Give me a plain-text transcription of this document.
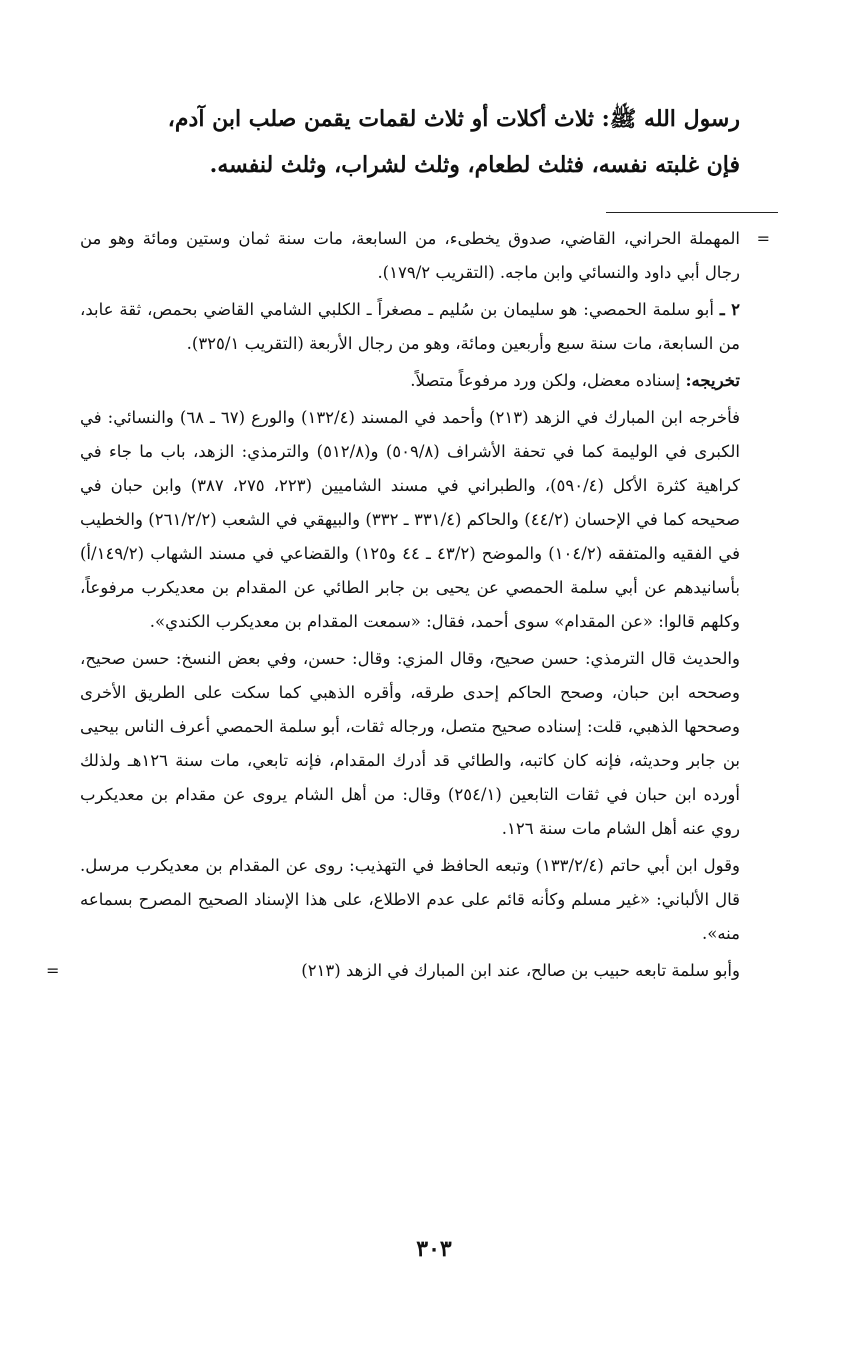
رسول الله ﷺ: ثلاث أكلات أو ثلاث لقمات يقمن صلب ابن آدم،

فإن غلبته نفسه، فثلث لطعام، وثلث لشراب، وثلث لنفسه.

=
المهملة الحراني، القاضي، صدوق يخطىء، من السابعة، مات سنة ثمان وستين ومائة وهو من رجال أبي داود والنسائي وابن ماجه. (التقريب ١٧٩/٢).

٢ ـ أبو سلمة الحمصي: هو سليمان بن سُليم ـ مصغراً ـ الكلبي الشامي القاضي بحمص، ثقة عابد، من السابعة، مات سنة سبع وأربعين ومائة، وهو من رجال الأربعة (التقريب ٣٢٥/١).

تخريجه: إسناده معضل، ولكن ورد مرفوعاً متصلاً.

فأخرجه ابن المبارك في الزهد (٢١٣) وأحمد في المسند (١٣٢/٤) والورع (٦٧ ـ ٦٨) والنسائي: في الكبرى في الوليمة كما في تحفة الأشراف (٥٠٩/٨) و(٥١٢/٨) والترمذي: الزهد، باب ما جاء في كراهية كثرة الأكل (٥٩٠/٤)، والطبراني في مسند الشاميين (٢٢٣، ٢٧٥، ٣٨٧) وابن حبان في صحيحه كما في الإحسان (٤٤/٢) والحاكم (٣٣١/٤ ـ ٣٣٢) والبيهقي في الشعب (٢٦١/٢/٢) والخطيب في الفقيه والمتفقه (١٠٤/٢) والموضح (٤٣/٢ ـ ٤٤ و١٢٥) والقضاعي في مسند الشهاب (١٤٩/٢/أ) بأسانيدهم عن أبي سلمة الحمصي عن يحيى بن جابر الطائي عن المقدام بن معديكرب مرفوعاً، وكلهم قالوا: «عن المقدام» سوى أحمد، فقال: «سمعت المقدام بن معديكرب الكندي».

والحديث قال الترمذي: حسن صحيح، وقال المزي: وقال: حسن، وفي بعض النسخ: حسن صحيح، وصححه ابن حبان، وصحح الحاكم إحدى طرقه، وأقره الذهبي كما سكت على الطريق الأخرى وصححها الذهبي، قلت: إسناده صحيح متصل، ورجاله ثقات، أبو سلمة الحمصي أعرف الناس بيحيى بن جابر وحديثه، فإنه كان كاتبه، والطائي قد أدرك المقدام، فإنه تابعي، مات سنة ١٢٦هـ ولذلك أورده ابن حبان في ثقات التابعين (٢٥٤/١) وقال: من أهل الشام يروى عن مقدام بن معديكرب روي عنه أهل الشام مات سنة ١٢٦.

وقول ابن أبي حاتم (١٣٣/٢/٤) وتبعه الحافظ في التهذيب: روى عن المقدام بن معديكرب مرسل. قال الألباني: «غير مسلم وكأنه قائم على عدم الاطلاع، على هذا الإسناد الصحيح المصرح بسماعه منه».

وأبو سلمة تابعه حبيب بن صالح، عند ابن المبارك في الزهد (٢١٣)
=

٣٠٣
